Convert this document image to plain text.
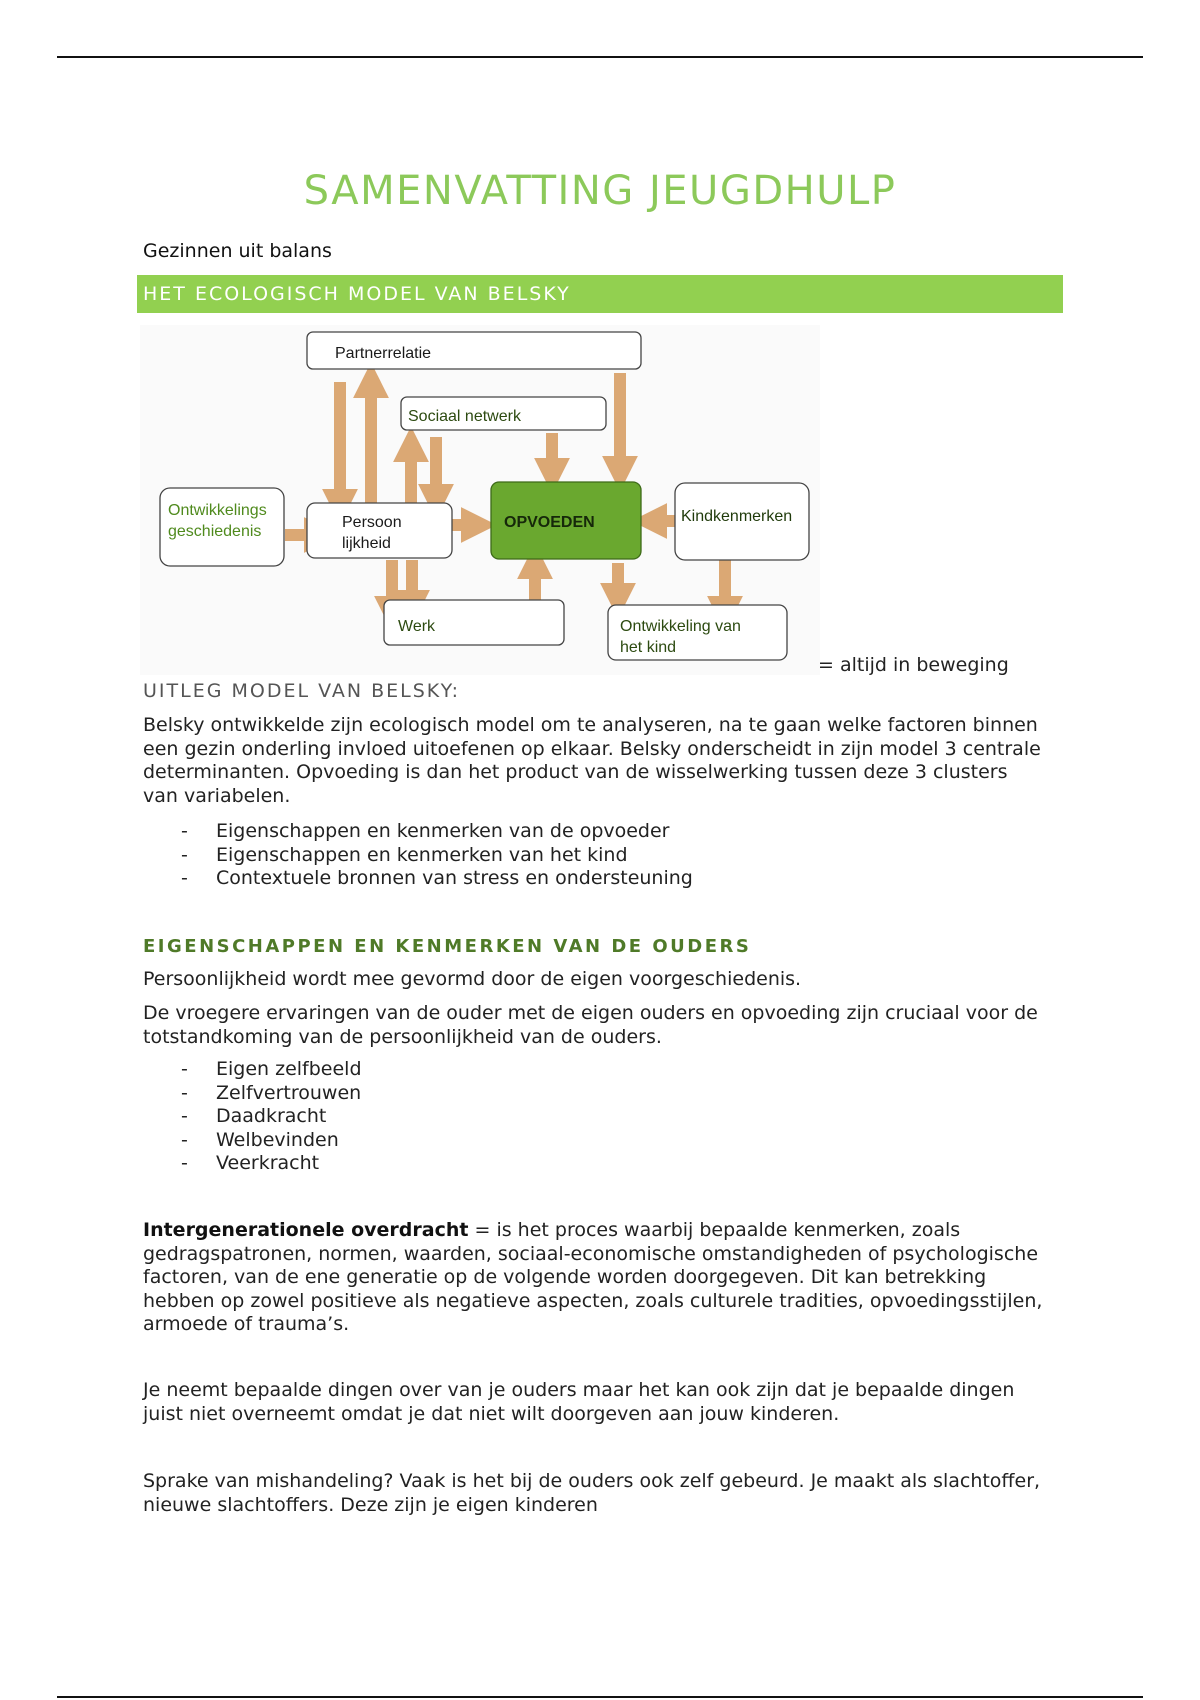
SAMENVATTING JEUGDHULP
Gezinnen uit balans
HET ECOLOGISCH MODEL VAN BELSKY
Partnerrelatie
Sociaal netwerk
Ontwikkelings
geschiedenis
Persoon
lijkheid
OPVOEDEN	Kindkenmerken
Werk	Ontwikkeling van
het kind
= altijd in beweging
UITLEG MODEL VAN BELSKY:

Belsky ontwikkelde zijn ecologisch model om te analyseren, na te gaan welke factoren binnen een gezin onderling invloed uitoefenen op elkaar. Belsky onderscheidt in zijn model 3 centrale determinanten. Opvoeding is dan het product van de wisselwerking tussen deze 3 clusters van variabelen.

- Eigenschappen en kenmerken van de opvoeder
- Eigenschappen en kenmerken van het kind
- Contextuele bronnen van stress en ondersteuning
EIGENSCHAPPEN EN KENMERKEN VAN DE OUDERS

Persoonlijkheid wordt mee gevormd door de eigen voorgeschiedenis.

De vroegere ervaringen van de ouder met de eigen ouders en opvoeding zijn cruciaal voor de totstandkoming van de persoonlijkheid van de ouders.

- Eigen zelfbeeld
- Zelfvertrouwen
- Daadkracht
- Welbevinden
- Veerkracht

Intergenerationele overdracht = is het proces waarbij bepaalde kenmerken, zoals gedragspatronen, normen, waarden, sociaal-economische omstandigheden of psychologische factoren, van de ene generatie op de volgende worden doorgegeven. Dit kan betrekking hebben op zowel positieve als negatieve aspecten, zoals culturele tradities, opvoedingsstijlen, armoede of trauma’s.

Je neemt bepaalde dingen over van je ouders maar het kan ook zijn dat je bepaalde dingen juist niet overneemt omdat je dat niet wilt doorgeven aan jouw kinderen.

Sprake van mishandeling? Vaak is het bij de ouders ook zelf gebeurd. Je maakt als slachtoffer, nieuwe slachtoffers. Deze zijn je eigen kinderen
